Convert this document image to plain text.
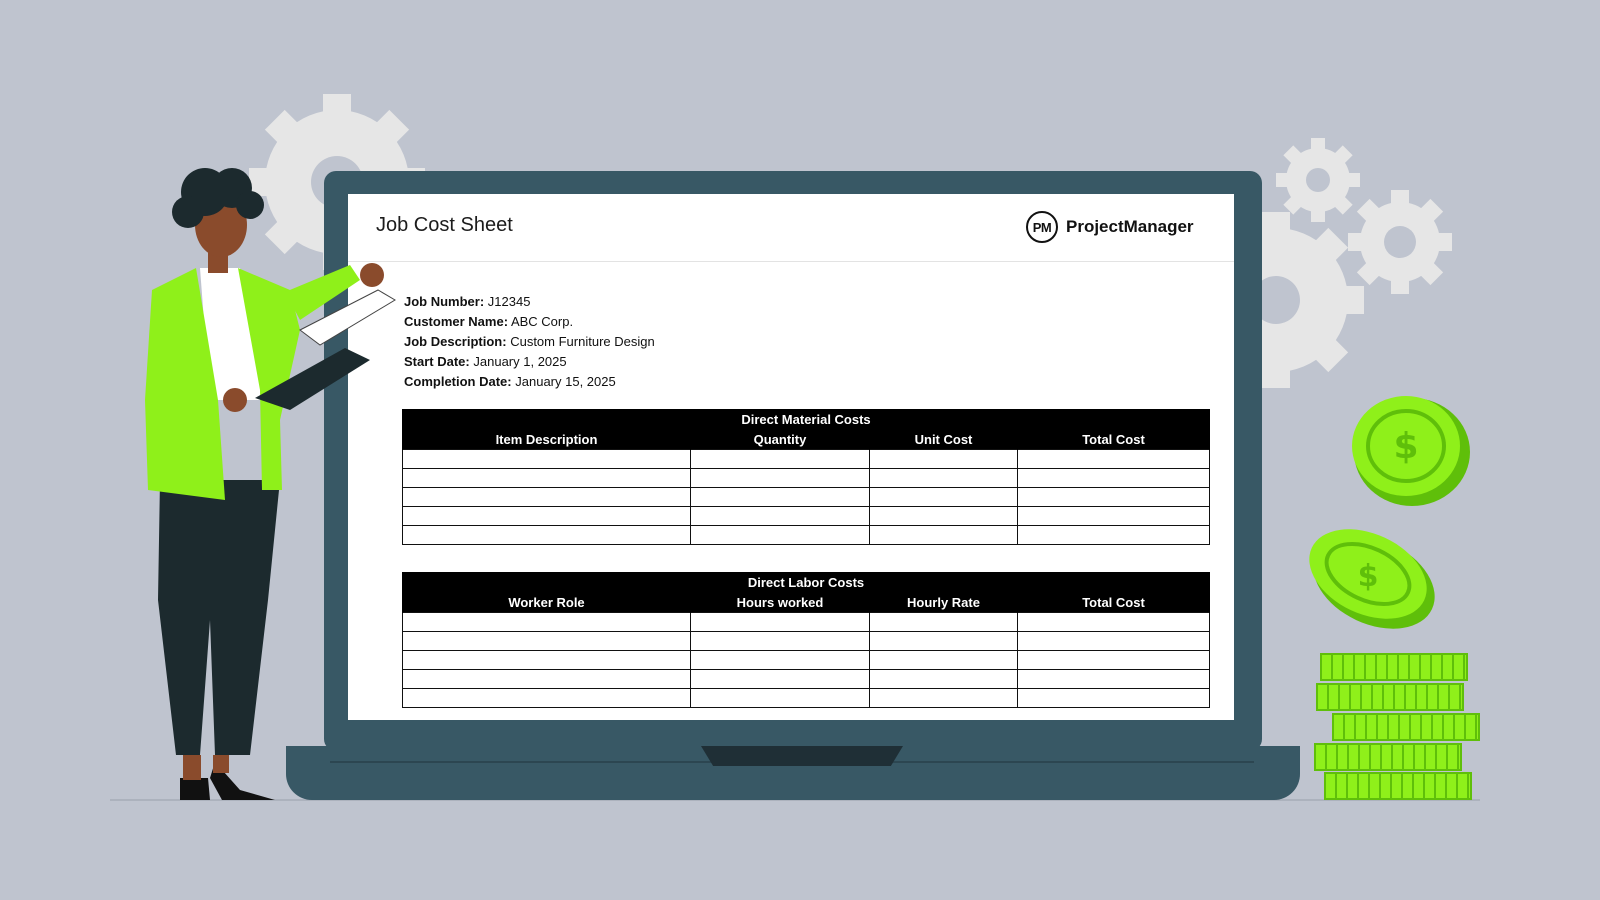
Job Cost Sheet	PM ProjectManager
Job Number: J12345
Customer Name: ABC Corp.
Job Description: Custom Furniture Design
Start Date: January 1, 2025
Completion Date: January 15, 2025
Direct Material Costs			
Item Description	Quantity	Unit Cost	Total Cost

Direct Labor Costs			
Worker Role	Hours worked	Hourly Rate	Total Cost

$
$
